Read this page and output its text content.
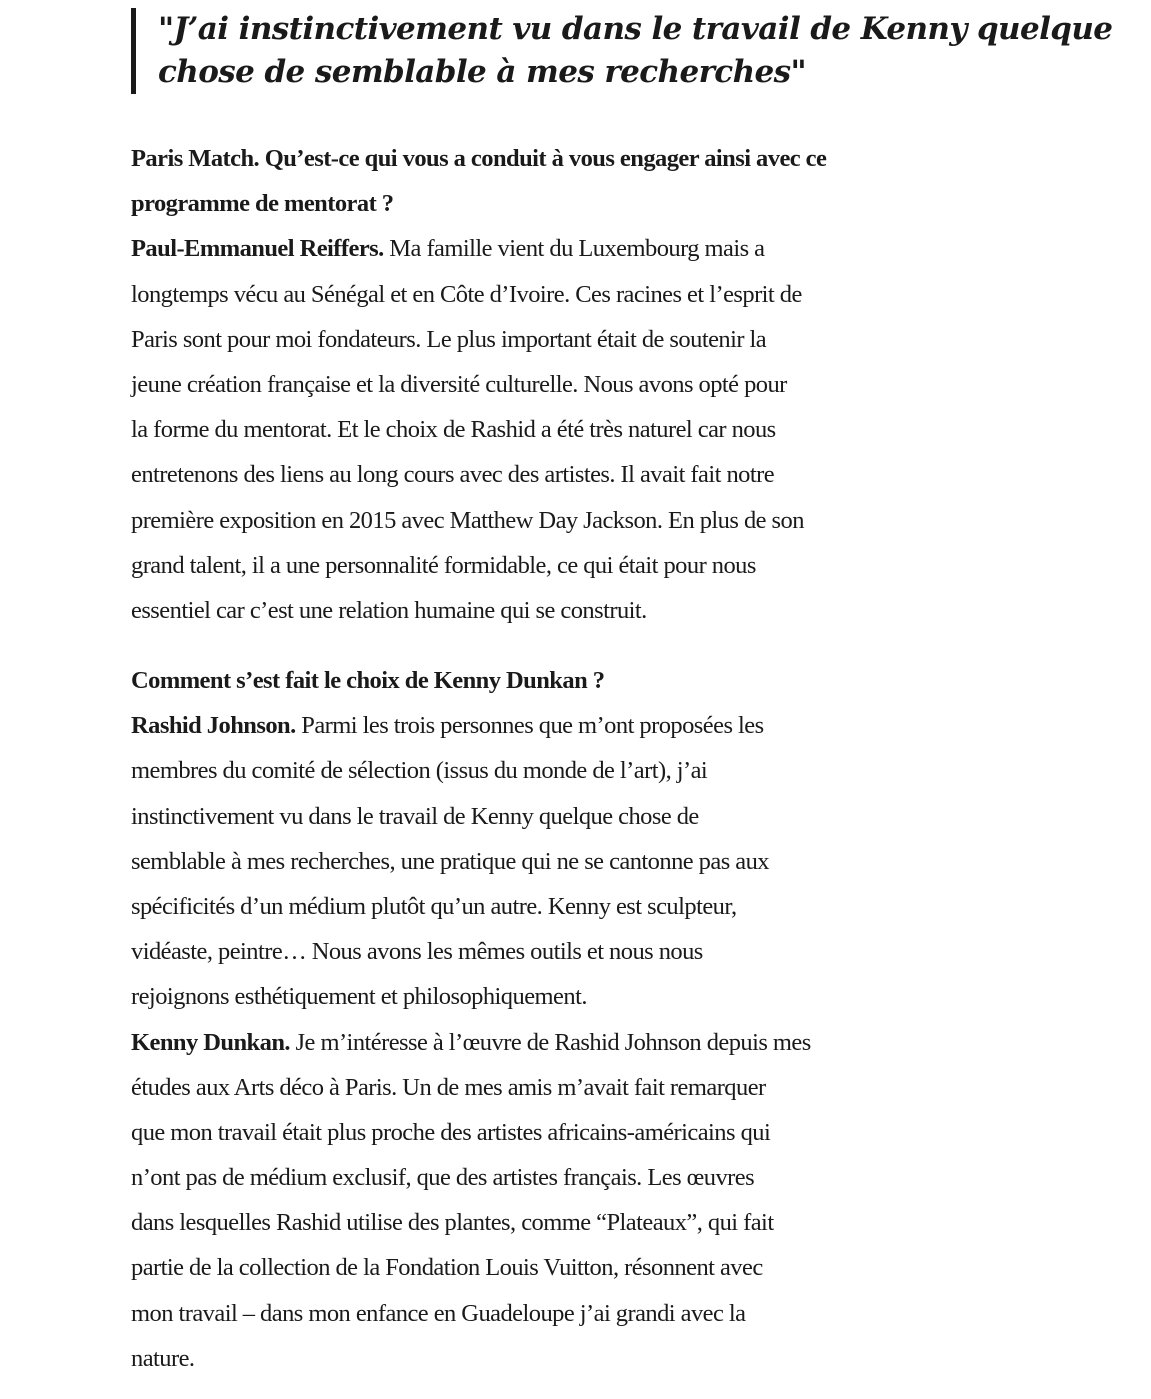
"J’ai instinctivement vu dans le travail de Kenny quelque
chose de semblable à mes recherches"
Paris Match. Qu’est-ce qui vous a conduit à vous engager ainsi avec ce
programme de mentorat ?
Paul-Emmanuel Reiffers. Ma famille vient du Luxembourg mais a
longtemps vécu au Sénégal et en Côte d’Ivoire. Ces racines et l’esprit de
Paris sont pour moi fondateurs. Le plus important était de soutenir la
jeune création française et la diversité culturelle. Nous avons opté pour
la forme du mentorat. Et le choix de Rashid a été très naturel car nous
entretenons des liens au long cours avec des artistes. Il avait fait notre
première exposition en 2015 avec Matthew Day Jackson. En plus de son
grand talent, il a une personnalité formidable, ce qui était pour nous
essentiel car c’est une relation humaine qui se construit.
Comment s’est fait le choix de Kenny Dunkan ?
Rashid Johnson. Parmi les trois personnes que m’ont proposées les
membres du comité de sélection (issus du monde de l’art), j’ai
instinctivement vu dans le travail de Kenny quelque chose de
semblable à mes recherches, une pratique qui ne se cantonne pas aux
spécificités d’un médium plutôt qu’un autre. Kenny est sculpteur,
vidéaste, peintre… Nous avons les mêmes outils et nous nous
rejoignons esthétiquement et philosophiquement.
Kenny Dunkan. Je m’intéresse à l’œuvre de Rashid Johnson depuis mes
études aux Arts déco à Paris. Un de mes amis m’avait fait remarquer
que mon travail était plus proche des artistes africains-américains qui
n’ont pas de médium exclusif, que des artistes français. Les œuvres
dans lesquelles Rashid utilise des plantes, comme “Plateaux”, qui fait
partie de la collection de la Fondation Louis Vuitton, résonnent avec
mon travail – dans mon enfance en Guadeloupe j’ai grandi avec la
nature.
